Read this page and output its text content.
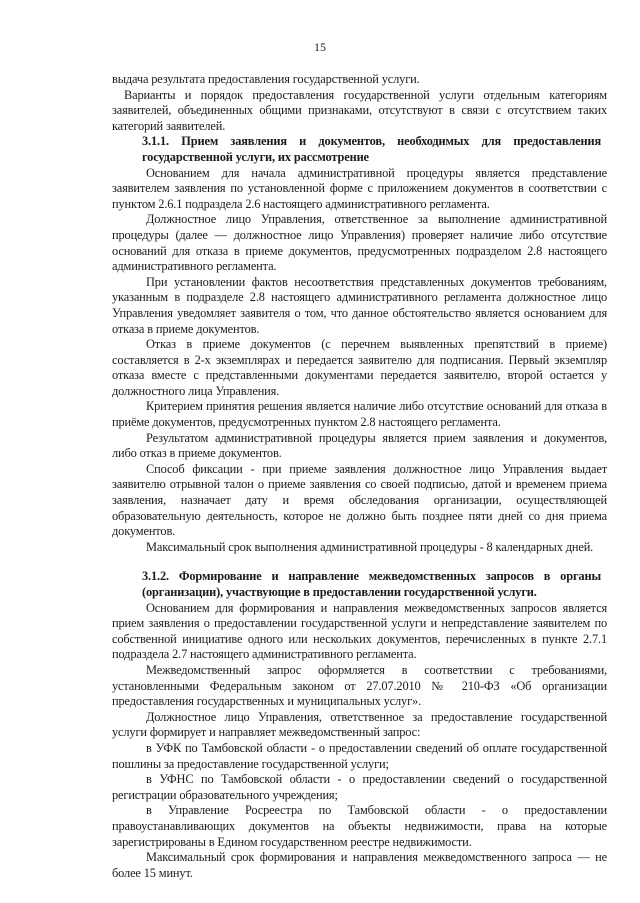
15

выдача результата предоставления государственной услуги.

Варианты и порядок предоставления государственной услуги отдельным категориям заявителей, объединенных общими признаками, отсутствуют в связи с отсутствием таких категорий заявителей.

3.1.1. Прием заявления и документов, необходимых для предоставления государственной услуги, их рассмотрение

Основанием для начала административной процедуры является представление заявителем заявления по установленной форме с приложением документов в соответствии с пунктом 2.6.1 подраздела 2.6 настоящего административного регламента.

Должностное лицо Управления, ответственное за выполнение административной процедуры (далее — должностное лицо Управления) проверяет наличие либо отсутствие оснований для отказа в приеме документов, предусмотренных подразделом 2.8 настоящего административного регламента.

При установлении фактов несоответствия представленных документов требованиям, указанным в подразделе 2.8 настоящего административного регламента должностное лицо Управления уведомляет заявителя о том, что данное обстоятельство является основанием для отказа в приеме документов.

Отказ в приеме документов (с перечнем выявленных препятствий в приеме) составляется в 2-х экземплярах и передается заявителю для подписания. Первый экземпляр отказа вместе с представленными документами передается заявителю, второй остается у должностного лица Управления.

Критерием принятия решения является наличие либо отсутствие оснований для отказа в приёме документов, предусмотренных пунктом 2.8 настоящего регламента.

Результатом административной процедуры является прием заявления и документов, либо отказ в приеме документов.

Способ фиксации - при приеме заявления должностное лицо Управления выдает заявителю отрывной талон о приеме заявления со своей подписью, датой и временем приема заявления, назначает дату и время обследования организации, осуществляющей образовательную деятельность, которое не должно быть позднее пяти дней со дня приема документов.

Максимальный срок выполнения административной процедуры - 8 календарных дней.

3.1.2. Формирование и направление межведомственных запросов в органы (организации), участвующие в предоставлении государственной услуги.

Основанием для формирования и направления межведомственных запросов является прием заявления о предоставлении государственной услуги и непредставление заявителем по собственной инициативе одного или нескольких документов, перечисленных в пункте 2.7.1 подраздела 2.7 настоящего административного регламента.

Межведомственный запрос оформляется в соответствии с требованиями, установленными Федеральным законом от 27.07.2010 № 210-ФЗ «Об организации предоставления государственных и муниципальных услуг».

Должностное лицо Управления, ответственное за предоставление государственной услуги формирует и направляет межведомственный запрос:

в УФК по Тамбовской области - о предоставлении сведений об оплате государственной пошлины за предоставление государственной услуги;

в УФНС по Тамбовской области - о предоставлении сведений о государственной регистрации образовательного учреждения;

в Управление Росреестра по Тамбовской области - о предоставлении правоустанавливающих документов на объекты недвижимости, права на которые зарегистрированы в Едином государственном реестре недвижимости.

Максимальный срок формирования и направления межведомственного запроса — не более 15 минут.
